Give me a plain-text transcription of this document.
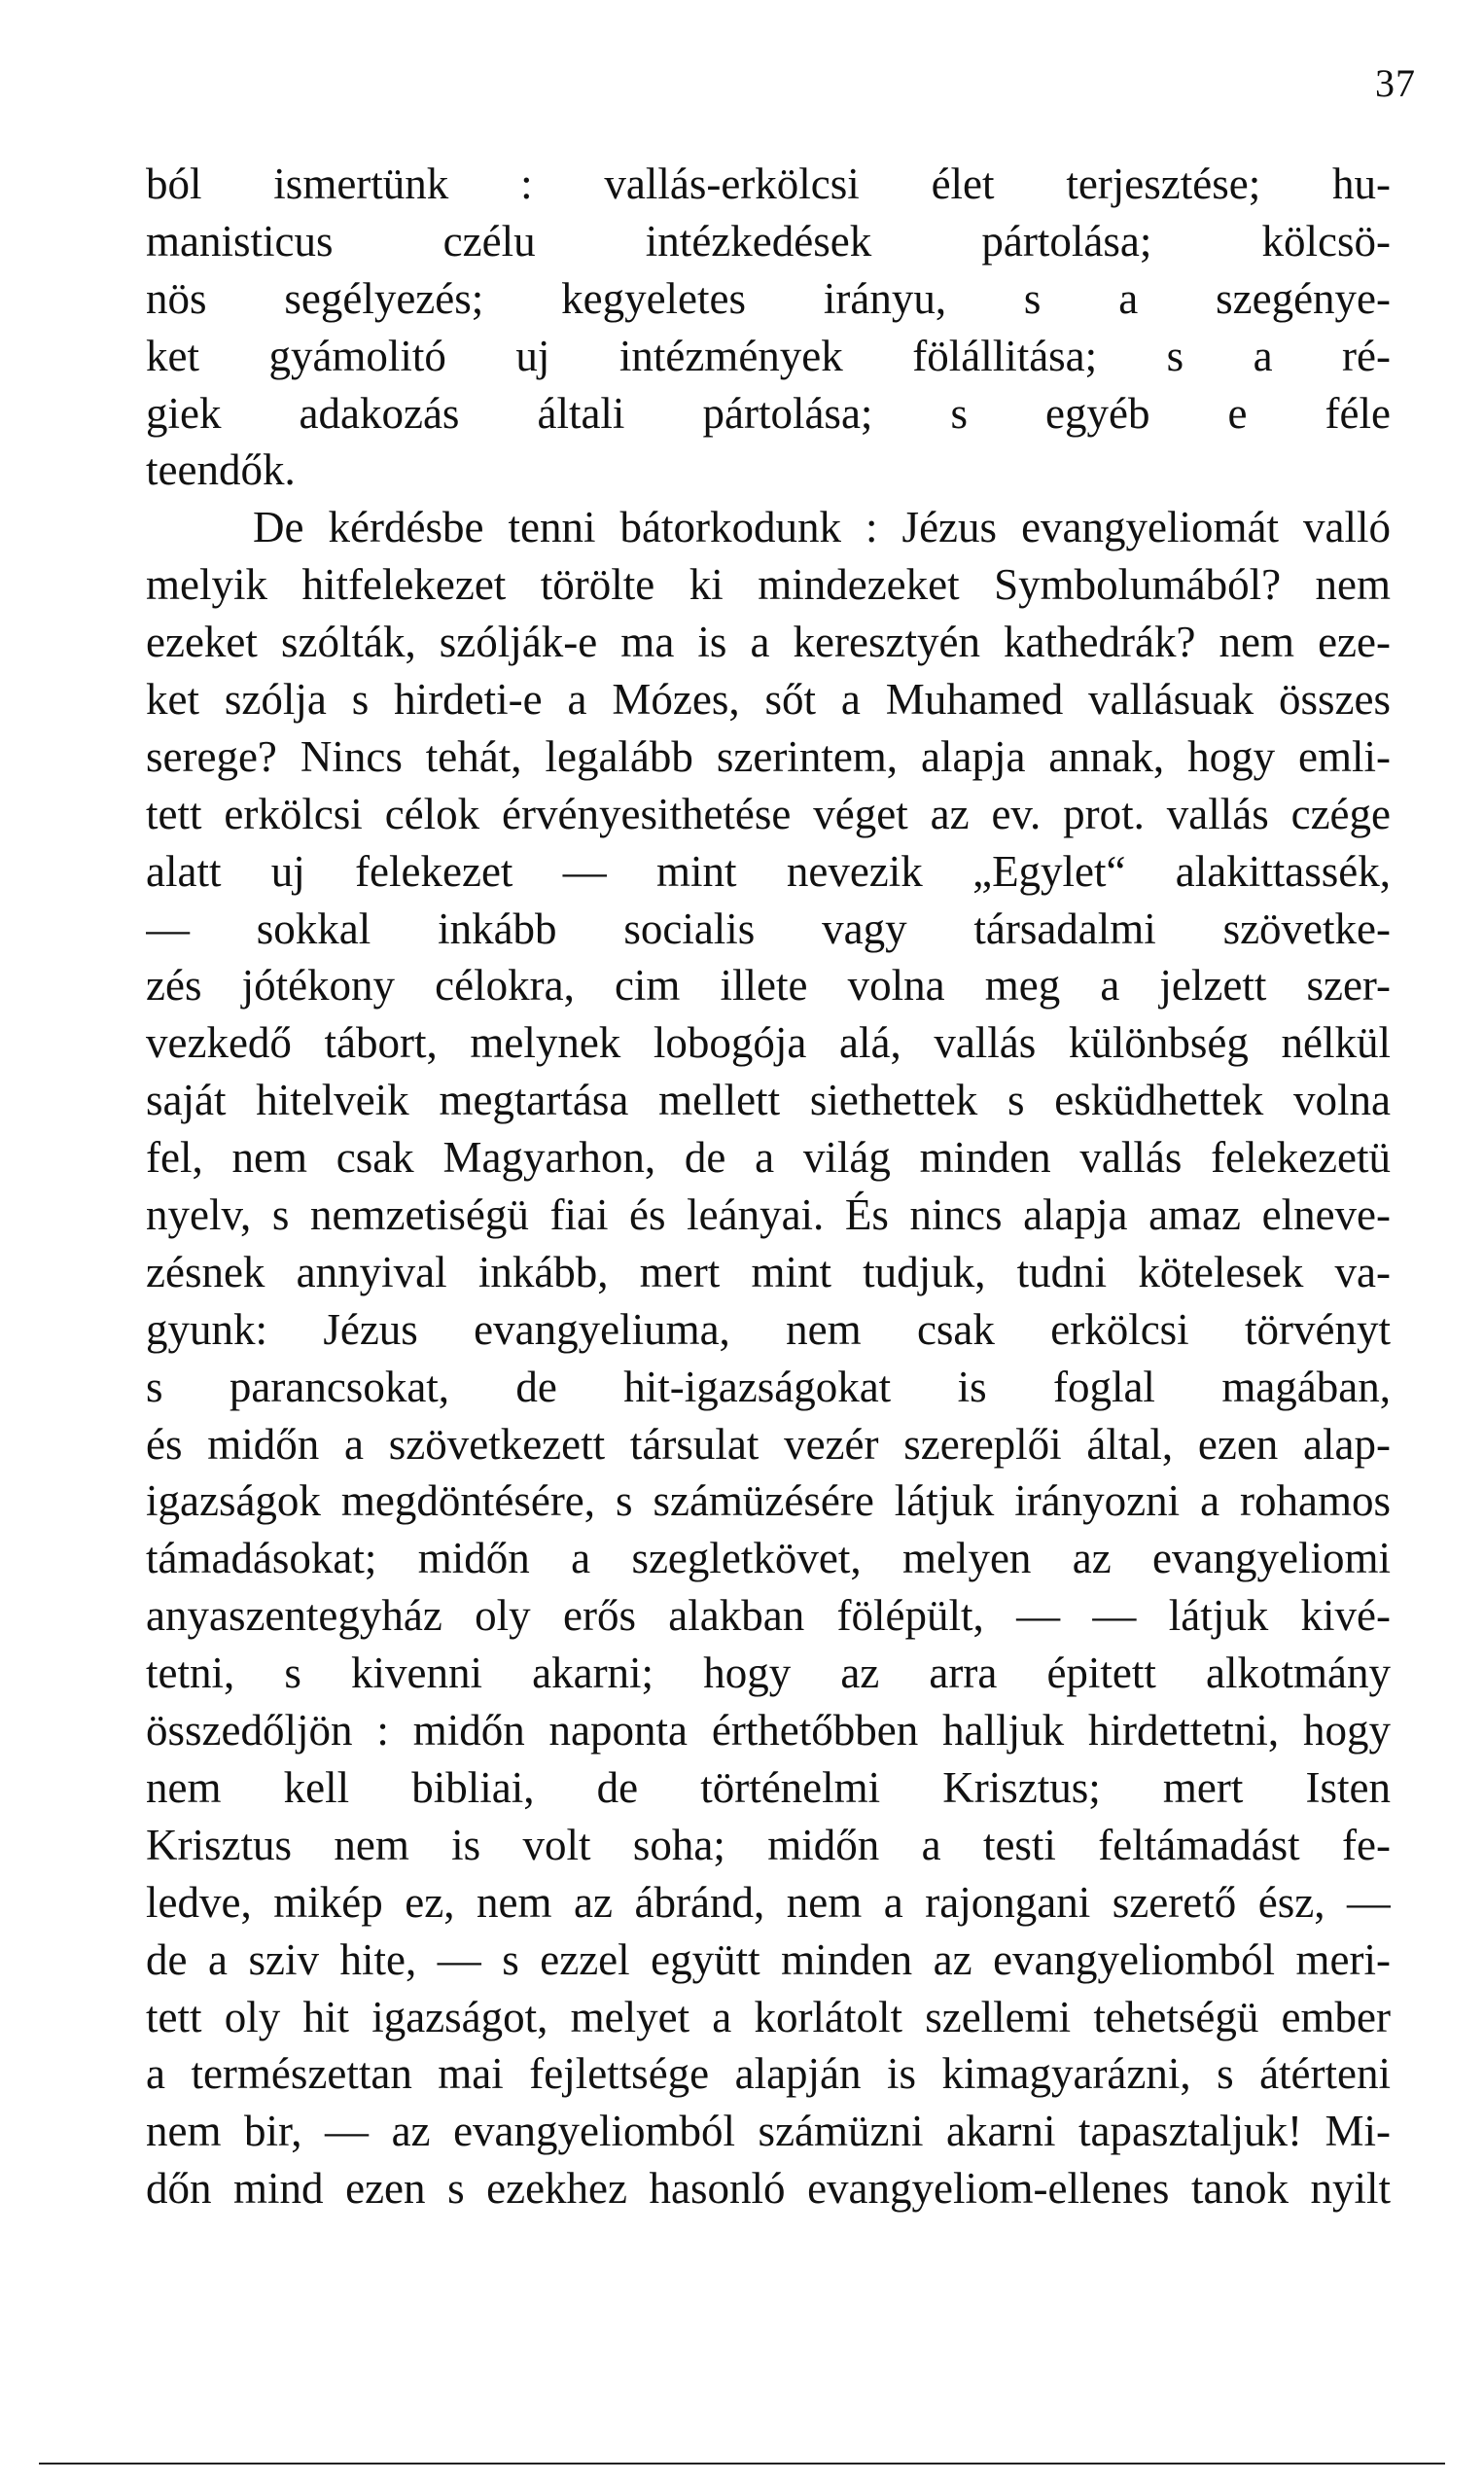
37
ból ismertünk : vallás-erkölcsi élet terjesztése; hu-
manisticus czélu intézkedések pártolása; kölcsö-
nös segélyezés; kegyeletes irányu, s a szegénye-
ket gyámolitó uj intézmények fölállitása; s a ré-
giek adakozás általi pártolása; s egyéb e féle
teendők.
De kérdésbe tenni bátorkodunk : Jézus evangyeliomát valló
melyik hitfelekezet törölte ki mindezeket Symbolumából? nem
ezeket szólták, szólják-e ma is a keresztyén kathedrák? nem eze-
ket szólja s hirdeti-e a Mózes, sőt a Muhamed vallásuak összes
serege? Nincs tehát, legalább szerintem, alapja annak, hogy emli-
tett erkölcsi célok érvényesithetése véget az ev. prot. vallás czége
alatt uj felekezet — mint nevezik „Egylet“ alakittassék,
— sokkal inkább socialis vagy társadalmi szövetke-
zés jótékony célokra, cim illete volna meg a jelzett szer-
vezkedő tábort, melynek lobogója alá, vallás különbség nélkül
saját hitelveik megtartása mellett siethettek s esküdhettek volna
fel, nem csak Magyarhon, de a világ minden vallás felekezetü
nyelv, s nemzetiségü fiai és leányai. És nincs alapja amaz elneve-
zésnek annyival inkább, mert mint tudjuk, tudni kötelesek va-
gyunk: Jézus evangyeliuma, nem csak erkölcsi törvényt
s parancsokat, de hit-igazságokat is foglal magában,
és midőn a szövetkezett társulat vezér szereplői által, ezen alap-
igazságok megdöntésére, s számüzésére látjuk irányozni a rohamos
támadásokat; midőn a szegletkövet, melyen az evangyeliomi
anyaszentegyház oly erős alakban fölépült, — — látjuk kivé-
tetni, s kivenni akarni; hogy az arra épitett alkotmány
összedőljön : midőn naponta érthetőbben halljuk hirdettetni, hogy
nem kell bibliai, de történelmi Krisztus; mert Isten
Krisztus nem is volt soha; midőn a testi feltámadást fe-
ledve, mikép ez, nem az ábránd, nem a rajongani szerető ész, —
de a sziv hite, — s ezzel együtt minden az evangyeliomból meri-
tett oly hit igazságot, melyet a korlátolt szellemi tehetségü ember
a természettan mai fejlettsége alapján is kimagyarázni, s átérteni
nem bir, — az evangyeliomból számüzni akarni tapasztaljuk! Mi-
dőn mind ezen s ezekhez hasonló evangyeliom-ellenes tanok nyilt
